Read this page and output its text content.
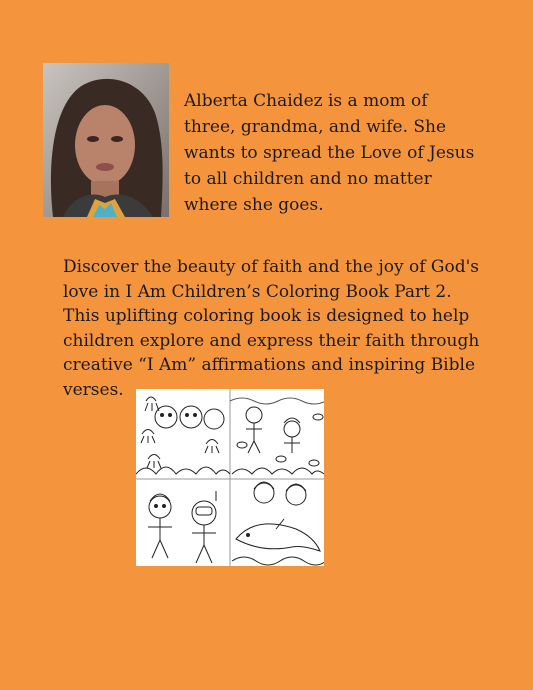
Alberta Chaidez is a mom of three, grandma, and wife. She wants to spread the Love of Jesus to all children and no matter where she goes.

Discover the beauty of faith and the joy of God's love in I Am Children’s Coloring Book Part 2. This uplifting coloring book is designed to help children explore and express their faith through creative “I Am” affirmations and inspiring Bible verses.
